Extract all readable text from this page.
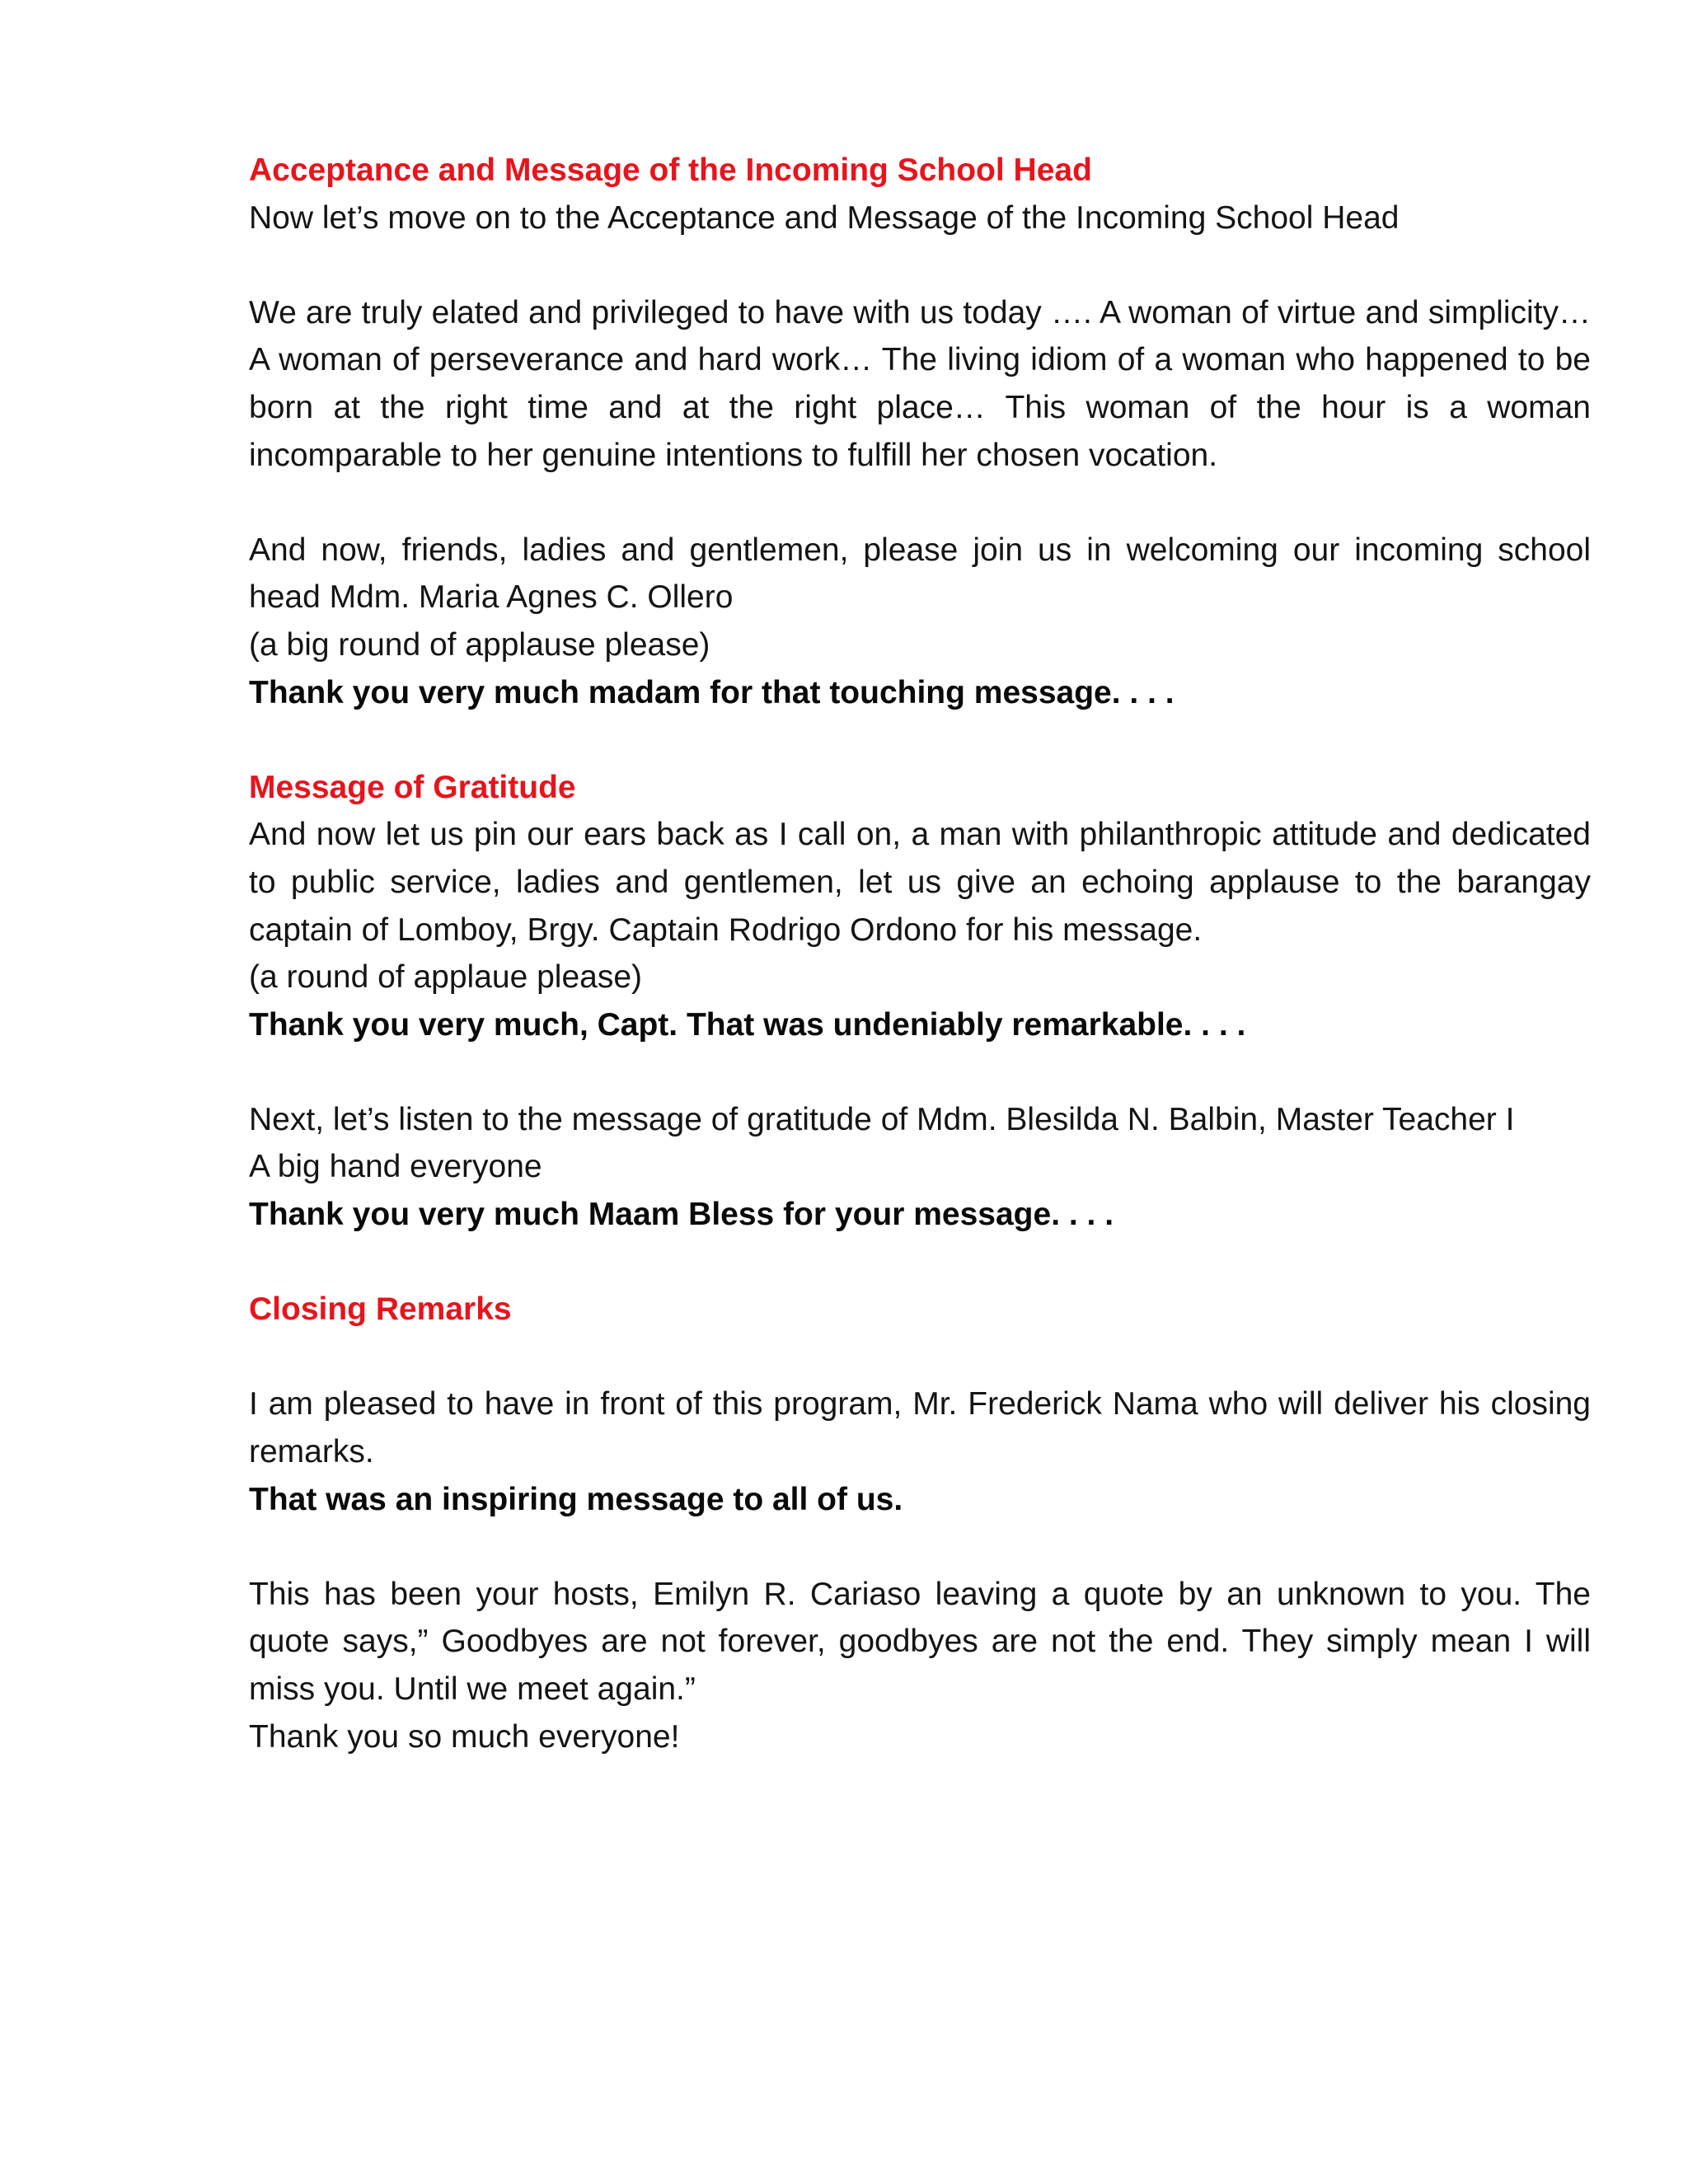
Acceptance and Message of the Incoming School Head
Now let’s move on to the Acceptance and Message of the Incoming School Head
We are truly elated and privileged to have with us today …. A woman of virtue and simplicity… A woman of perseverance and hard work… The living idiom of a woman who happened to be born at the right time and at the right place… This woman of the hour is a woman incomparable to her genuine intentions to fulfill her chosen vocation.
And now, friends, ladies and gentlemen, please join us in welcoming our incoming school head Mdm. Maria Agnes C. Ollero
(a big round of applause please)
Thank you very much madam for that touching message. . . .
Message of Gratitude
And now let us pin our ears back as I call on, a man with philanthropic attitude and dedicated to public service, ladies and gentlemen, let us give an echoing applause to the barangay captain of Lomboy, Brgy. Captain Rodrigo Ordono for his message.
(a round of applaue please)
Thank you very much, Capt. That was undeniably remarkable. . . .
Next, let’s listen to the message of gratitude of Mdm. Blesilda N. Balbin, Master Teacher I
A big hand everyone
Thank you very much Maam Bless for your message. . . .
Closing Remarks
I am pleased to have in front of this program, Mr. Frederick Nama who will deliver his closing remarks.
That was an inspiring message to all of us.
This has been your hosts, Emilyn R. Cariaso leaving a quote by an unknown to you. The quote says,” Goodbyes are not forever, goodbyes are not the end. They simply mean I will miss you. Until we meet again.”
Thank you so much everyone!
